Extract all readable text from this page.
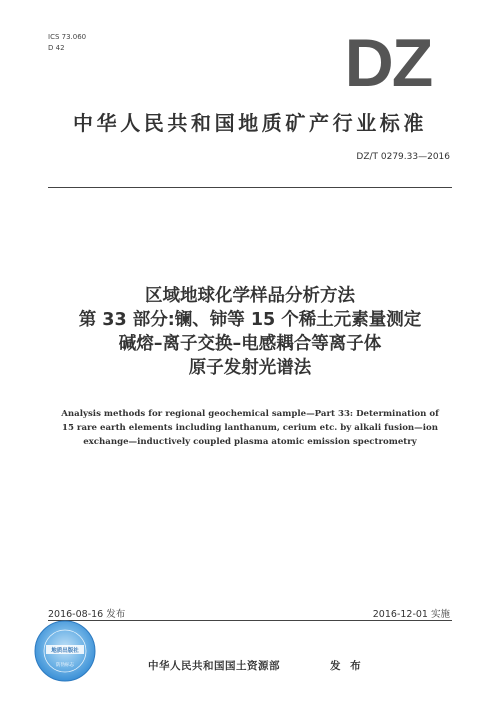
ICS 73.060
D 42	DZ
中华人民共和国地质矿产行业标准
DZ/T 0279.33—2016
区域地球化学样品分析方法
第 33 部分:镧、铈等 15 个稀土元素量测定
碱熔–离子交换–电感耦合等离子体
原子发射光谱法
Analysis methods for regional geochemical sample—Part 33: Determination of
15 rare earth elements including lanthanum, cerium etc. by alkali fusion—ion
exchange—inductively coupled plasma atomic emission spectrometry
2016-08-16 发布	2016-12-01 实施
地质出版社
防伪标志	中华人民共和国国土资源部	发 布
